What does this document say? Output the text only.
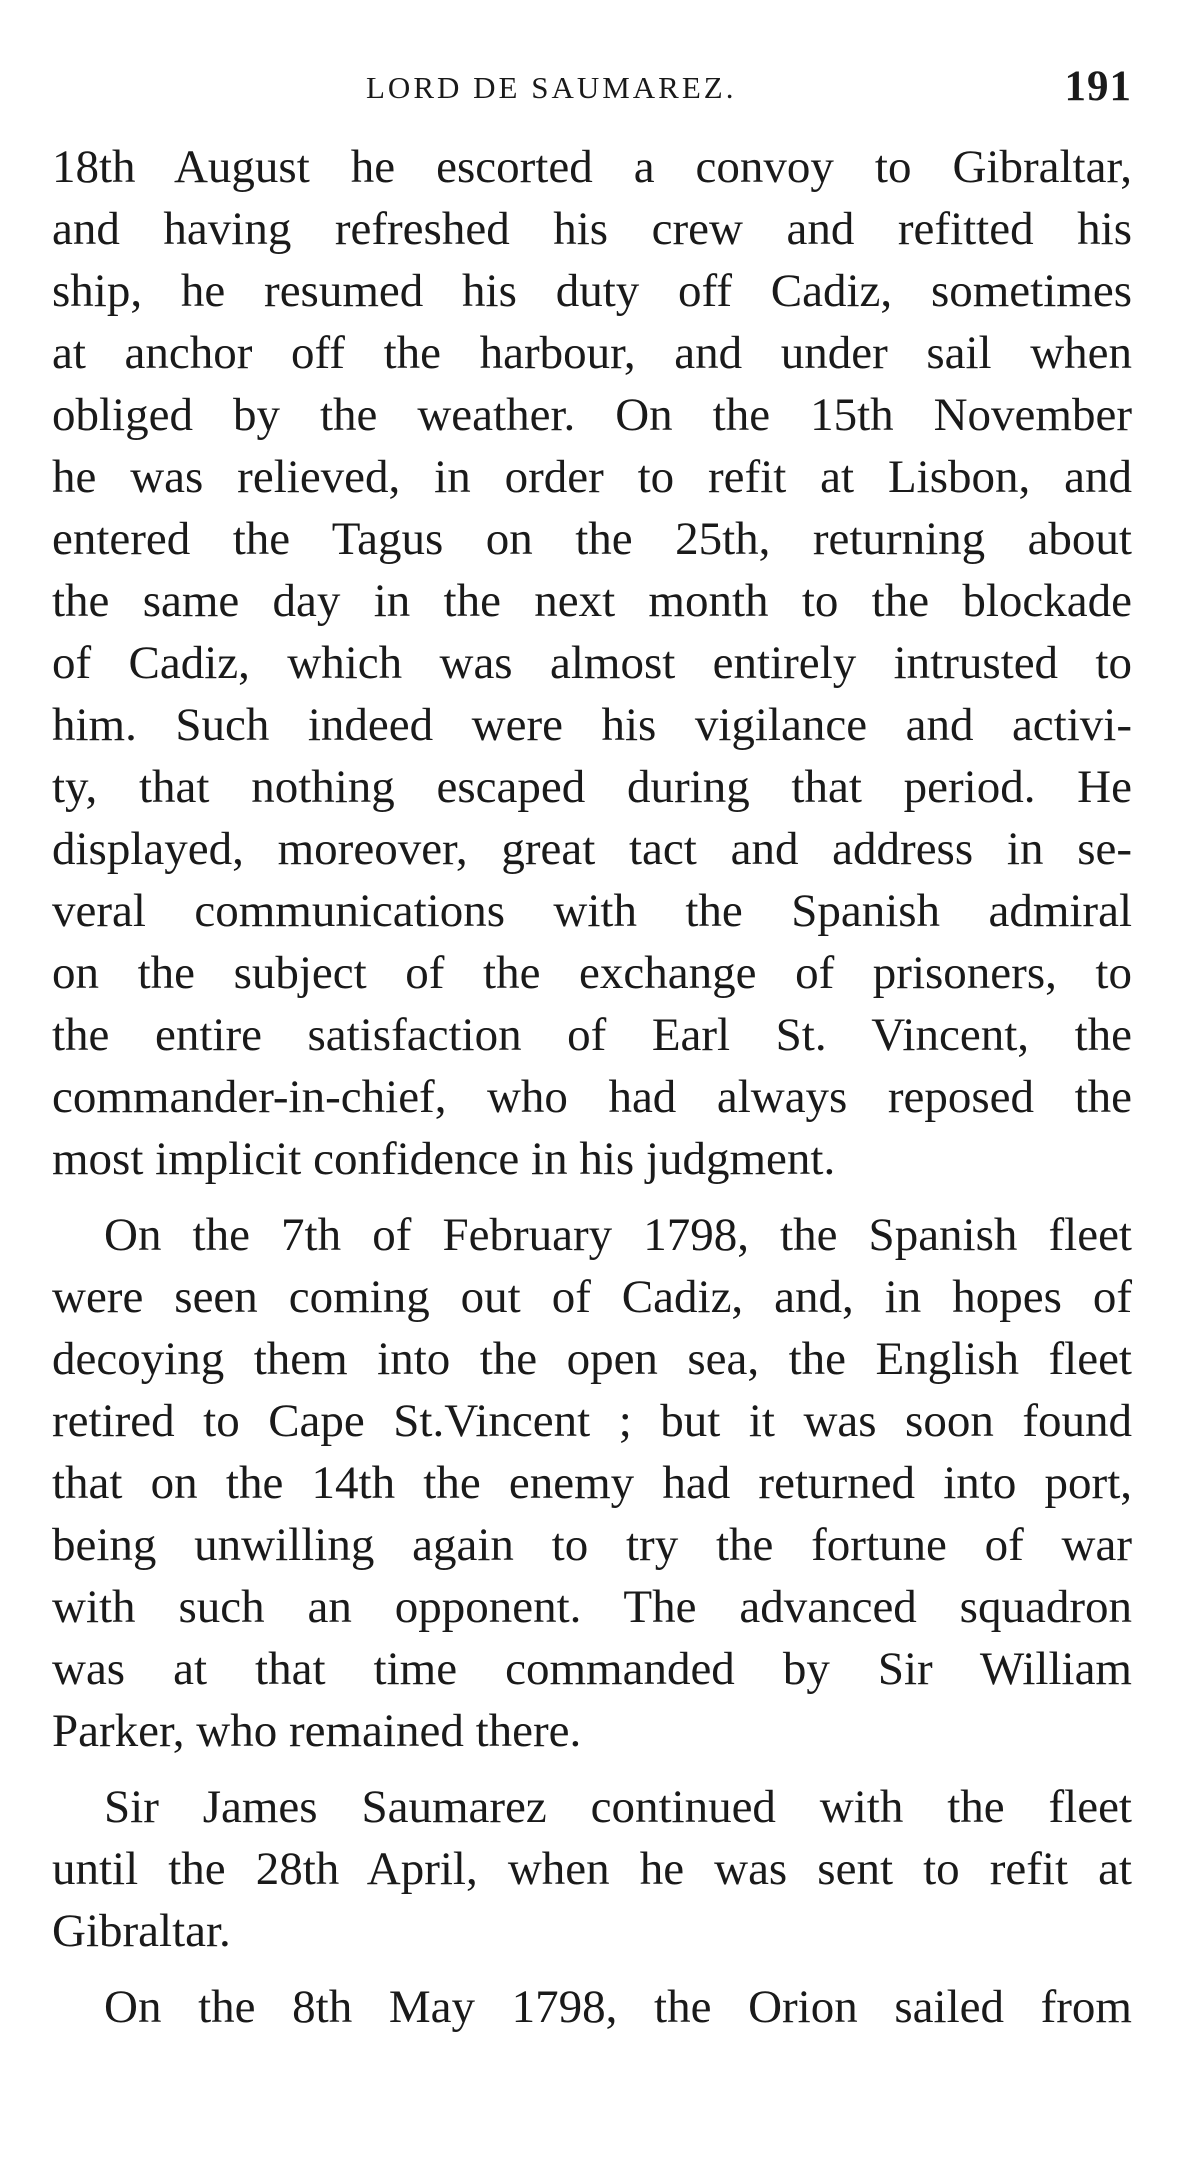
LORD DE SAUMAREZ.	191
18th August he escorted a convoy to Gibraltar,
and having refreshed his crew and refitted his
ship, he resumed his duty off Cadiz, sometimes
at anchor off the harbour, and under sail when
obliged by the weather. On the 15th November
he was relieved, in order to refit at Lisbon, and
entered the Tagus on the 25th, returning about
the same day in the next month to the blockade
of Cadiz, which was almost entirely intrusted to
him. Such indeed were his vigilance and activi-
ty, that nothing escaped during that period. He
displayed, moreover, great tact and address in se-
veral communications with the Spanish admiral
on the subject of the exchange of prisoners, to
the entire satisfaction of Earl St. Vincent, the
commander-in-chief, who had always reposed the
most implicit confidence in his judgment.
On the 7th of February 1798, the Spanish fleet
were seen coming out of Cadiz, and, in hopes of
decoying them into the open sea, the English fleet
retired to Cape St.Vincent ; but it was soon found
that on the 14th the enemy had returned into port,
being unwilling again to try the fortune of war
with such an opponent. The advanced squadron
was at that time commanded by Sir William
Parker, who remained there.
Sir James Saumarez continued with the fleet
until the 28th April, when he was sent to refit at
Gibraltar.
On the 8th May 1798, the Orion sailed from
